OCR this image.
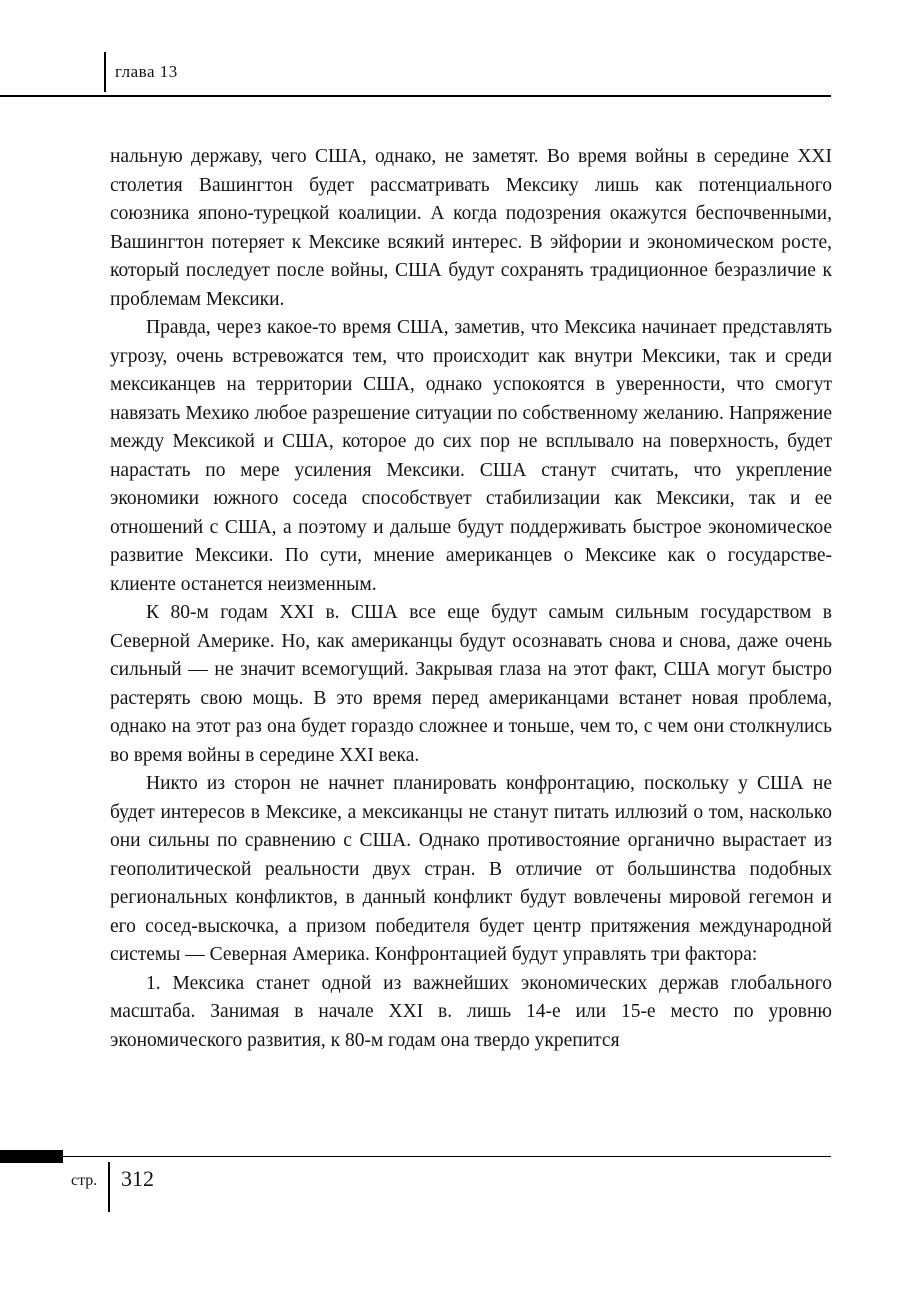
глава 13

нальную державу, чего США, однако, не заметят. Во время войны в середине XXI столетия Вашингтон будет рассматривать Мексику лишь как потенциального союзника японо-турецкой коалиции. А когда подозрения окажутся беспочвенными, Вашингтон потеряет к Мексике всякий интерес. В эйфории и экономическом росте, который последует после войны, США будут сохранять традиционное безразличие к проблемам Мексики.

Правда, через какое-то время США, заметив, что Мексика начинает представлять угрозу, очень встревожатся тем, что происходит как внутри Мексики, так и среди мексиканцев на территории США, однако успокоятся в уверенности, что смогут навязать Мехико любое разрешение ситуации по собственному желанию. Напряжение между Мексикой и США, которое до сих пор не всплывало на поверхность, будет нарастать по мере усиления Мексики. США станут считать, что укрепление экономики южного соседа способствует стабилизации как Мексики, так и ее отношений с США, а поэтому и дальше будут поддерживать быстрое экономическое развитие Мексики. По сути, мнение американцев о Мексике как о государстве-клиенте останется неизменным.

К 80-м годам XXI в. США все еще будут самым сильным государством в Северной Америке. Но, как американцы будут осознавать снова и снова, даже очень сильный — не значит всемогущий. Закрывая глаза на этот факт, США могут быстро растерять свою мощь. В это время перед американцами встанет новая проблема, однако на этот раз она будет гораздо сложнее и тоньше, чем то, с чем они столкнулись во время войны в середине XXI века.

Никто из сторон не начнет планировать конфронтацию, поскольку у США не будет интересов в Мексике, а мексиканцы не станут питать иллюзий о том, насколько они сильны по сравнению с США. Однако противостояние органично вырастает из геополитической реальности двух стран. В отличие от большинства подобных региональных конфликтов, в данный конфликт будут вовлечены мировой гегемон и его сосед-выскочка, а призом победителя будет центр притяжения международной системы — Северная Америка. Конфронтацией будут управлять три фактора:

1. Мексика станет одной из важнейших экономических держав глобального масштаба. Занимая в начале XXI в. лишь 14-е или 15-е место по уровню экономического развития, к 80-м годам она твердо укрепится

стр. 312
